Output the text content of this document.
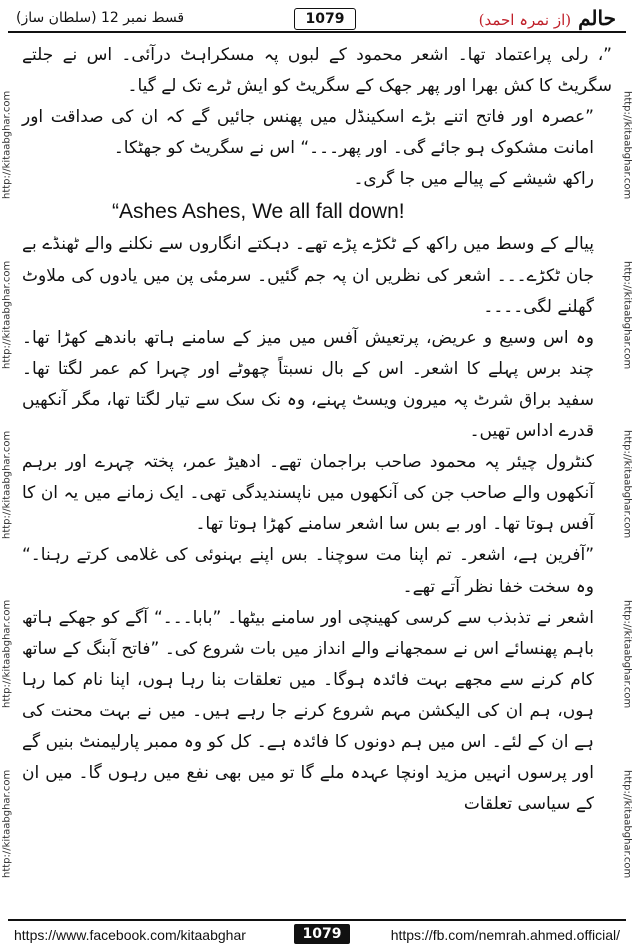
قسط نمبر 12 (سلطان ساز)	1079	حالم (از نمرہ احمد)
http://kitaabghar.com
http://kitaabghar.com
http://kitaabghar.com
http://kitaabghar.com
http://kitaabghar.com	http://kitaabghar.com
http://kitaabghar.com
http://kitaabghar.com
http://kitaabghar.com
http://kitaabghar.com

”، رلی پراعتماد تھا۔ اشعر محمود کے لبوں پہ مسکراہٹ درآئی۔ اس نے جلتے سگریٹ کا کش بھرا اور پھر جھک کے سگریٹ کو ایش ٹرے تک لے گیا۔

”عصرہ اور فاتح اتنے بڑے اسکینڈل میں پھنس جائیں گے کہ ان کی صداقت اور امانت مشکوک ہو جائے گی۔ اور پھر۔۔۔“ اس نے سگریٹ کو جھٹکا۔

راکھ شیشے کے پیالے میں جا گری۔

“Ashes Ashes, We all fall down!

پیالے کے وسط میں راکھ کے ٹکڑے پڑے تھے۔ دہکتے انگاروں سے نکلنے والے ٹھنڈے بے جان ٹکڑے۔۔۔ اشعر کی نظریں ان پہ جم گئیں۔ سرمئی پن میں یادوں کی ملاوٹ گھلنے لگی۔۔۔۔

وہ اس وسیع و عریض، پرتعیش آفس میں میز کے سامنے ہاتھ باندھے کھڑا تھا۔ چند برس پہلے کا اشعر۔ اس کے بال نسبتاً چھوٹے اور چہرا کم عمر لگتا تھا۔ سفید براق شرٹ پہ میرون ویسٹ پہنے، وہ نک سک سے تیار لگتا تھا، مگر آنکھیں قدرے اداس تھیں۔

کنٹرول چیئر پہ محمود صاحب براجمان تھے۔ ادھیڑ عمر، پختہ چہرے اور برہم آنکھوں والے صاحب جن کی آنکھوں میں ناپسندیدگی تھی۔ ایک زمانے میں یہ ان کا آفس ہوتا تھا۔ اور بے بس سا اشعر سامنے کھڑا ہوتا تھا۔

”آفرین ہے، اشعر۔ تم اپنا مت سوچنا۔ بس اپنے بہنوئی کی غلامی کرتے رہنا۔“ وہ سخت خفا نظر آتے تھے۔

اشعر نے تذبذب سے کرسی کھینچی اور سامنے بیٹھا۔ ”بابا۔۔۔“ آگے کو جھکے ہاتھ باہم پھنسائے اس نے سمجھانے والے انداز میں بات شروع کی۔ ”فاتح آبنگ کے ساتھ کام کرنے سے مجھے بہت فائدہ ہوگا۔ میں تعلقات بنا رہا ہوں، اپنا نام کما رہا ہوں، ہم ان کی الیکشن مہم شروع کرنے جا رہے ہیں۔ میں نے بہت محنت کی ہے ان کے لئے۔ اس میں ہم دونوں کا فائدہ ہے۔ کل کو وہ ممبر پارلیمنٹ بنیں گے اور پرسوں انہیں مزید اونچا عہدہ ملے گا تو میں بھی نفع میں رہوں گا۔ میں ان کے سیاسی تعلقات

https://www.facebook.com/kitaabghar	1079	https://fb.com/nemrah.ahmed.official/
